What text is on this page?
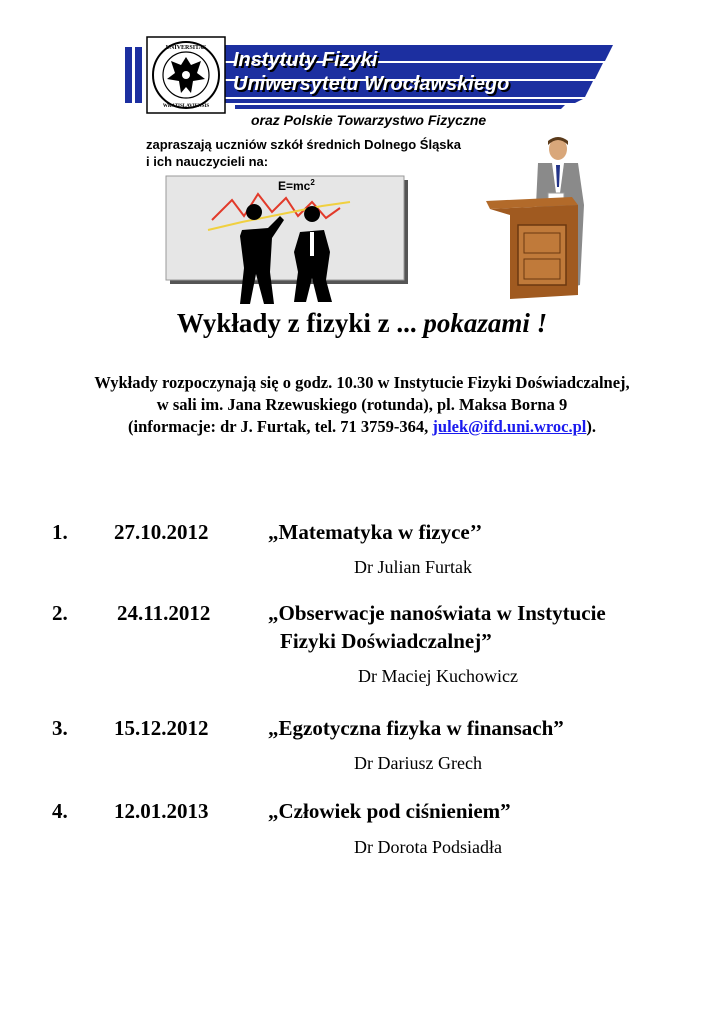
UNIVERSITAS
WRATISLAVIENSIS
Instytuty Fizyki
Uniwersytetu Wrocławskiego
oraz Polskie Towarzystwo Fizyczne
zapraszają uczniów szkół średnich Dolnego Śląska
i ich nauczycieli na:
$E=mc^2$
Wykłady z fizyki z ... pokazami !
Wykłady rozpoczynają się o godz. 10.30 w Instytucie Fizyki Doświadczalnej,
w sali im. Jana Rzewuskiego (rotunda), pl. Maksa Borna 9
(informacje: dr J. Furtak, tel. 71 3759-364, julek@ifd.uni.wroc.pl).
1. 27.10.2012	„Matematyka w fizyce’’
Dr Julian Furtak
2. 24.11.2012	„Obserwacje nanoświata w Instytucie
Fizyki Doświadczalnej”
Dr Maciej Kuchowicz
3. 15.12.2012	„Egzotyczna fizyka w finansach”
Dr Dariusz Grech
4. 12.01.2013	„Człowiek pod ciśnieniem”
Dr Dorota Podsiadła
